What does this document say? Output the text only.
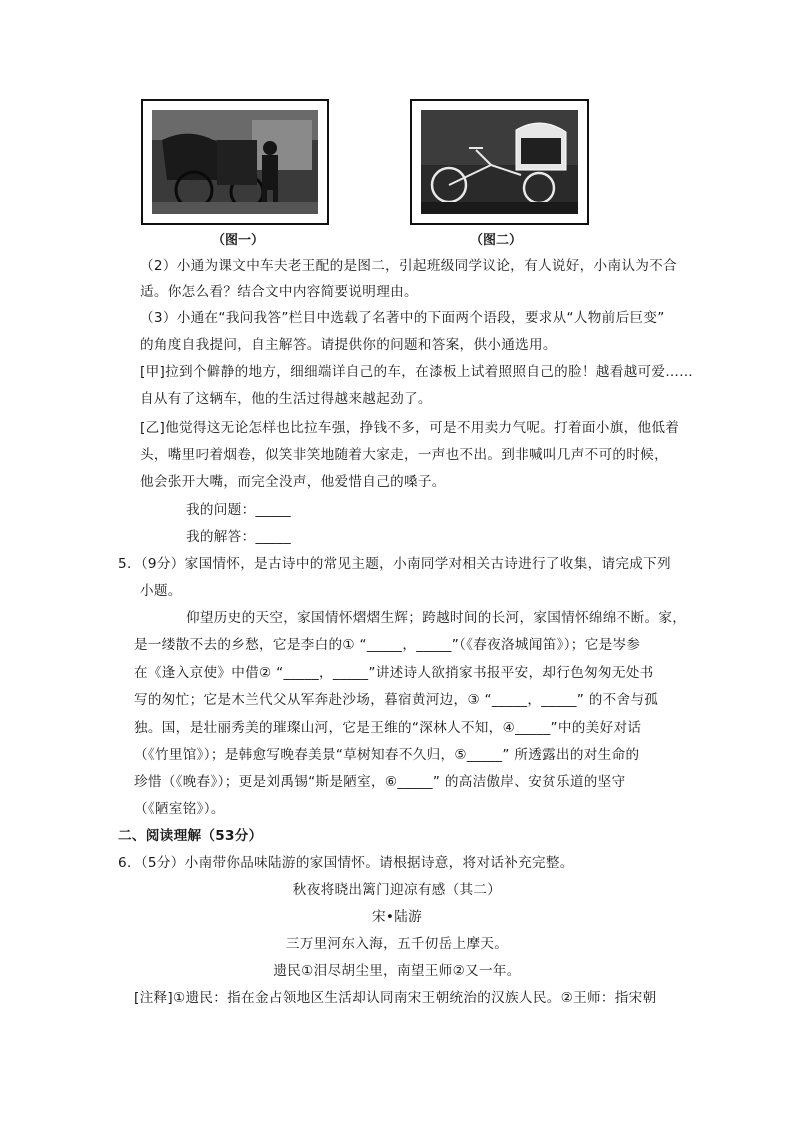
（图一）	（图二）
（2）小通为课文中车夫老王配的是图二，引起班级同学议论，有人说好，小南认为不合
适。你怎么看？结合文中内容简要说明理由。
（3）小通在“我问我答”栏目中选载了名著中的下面两个语段，要求从“人物前后巨变”
的角度自我提问，自主解答。请提供你的问题和答案，供小通选用。
[甲]拉到个僻静的地方，细细端详自己的车，在漆板上试着照照自己的脸！越看越可爱……
自从有了这辆车，他的生活过得越来越起劲了。
[乙]他觉得这无论怎样也比拉车强，挣钱不多，可是不用卖力气呢。打着面小旗，他低着
头，嘴里叼着烟卷，似笑非笑地随着大家走，一声也不出。到非喊叫几声不可的时候，
他会张开大嘴，而完全没声，他爱惜自己的嗓子。
我的问题：_____
我的解答：_____
5．（9分）家国情怀，是古诗中的常见主题，小南同学对相关古诗进行了收集，请完成下列
小题。
仰望历史的天空，家国情怀熠熠生辉；跨越时间的长河，家国情怀绵绵不断。家，
是一缕散不去的乡愁，它是李白的① “_____，_____”（《春夜洛城闻笛》）；它是岑参
在《逢入京使》中借② “_____，_____”讲述诗人欲捎家书报平安，却行色匆匆无处书
写的匆忙；它是木兰代父从军奔赴沙场，暮宿黄河边，③ “_____，_____” 的不舍与孤
独。国，是壮丽秀美的璀璨山河，它是王维的“深林人不知，④_____”中的美好对话
（《竹里馆》）；是韩愈写晚春美景“草树知春不久归，⑤_____” 所透露出的对生命的
珍惜（《晚春》）；更是刘禹锡“斯是陋室，⑥_____” 的高洁傲岸、安贫乐道的坚守
（《陋室铭》）。
二、阅读理解（53分）
6．（5分）小南带你品味陆游的家国情怀。请根据诗意，将对话补充完整。
秋夜将晓出篱门迎凉有感（其二）
宋•陆游
三万里河东入海，五千仞岳上摩天。
遗民①泪尽胡尘里，南望王师②又一年。
[注释]①遗民：指在金占领地区生活却认同南宋王朝统治的汉族人民。②王师：指宋朝
